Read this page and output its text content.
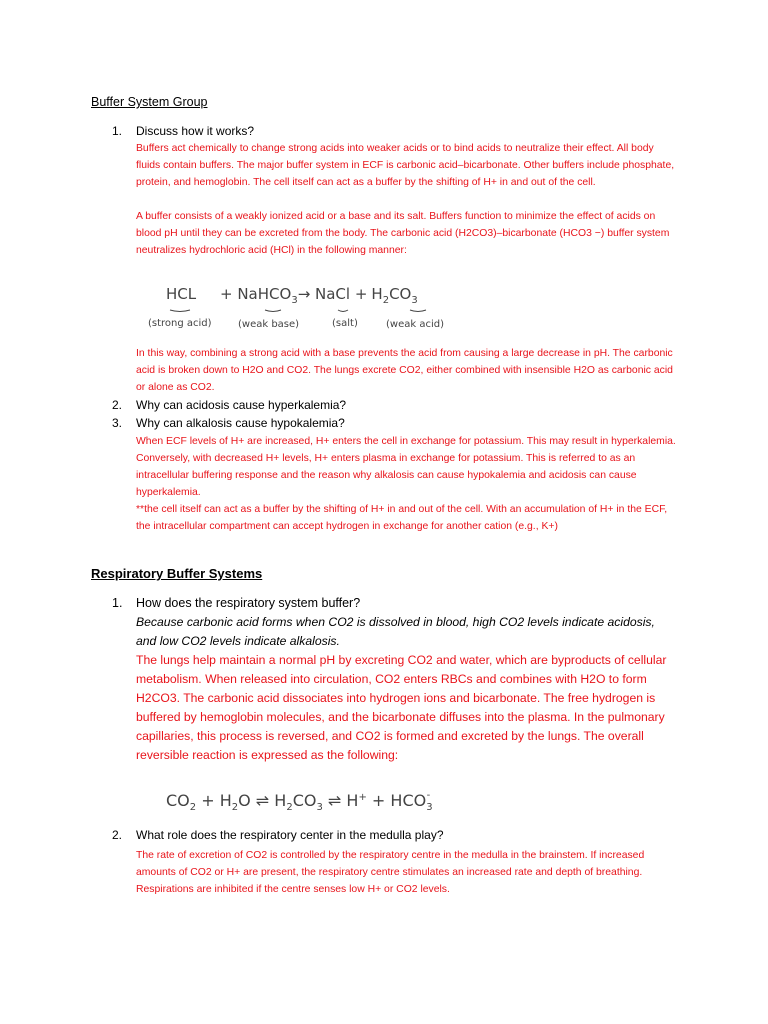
Buffer System Group
1. Discuss how it works?

Buffers act chemically to change strong acids into weaker acids or to bind acids to neutralize their effect. All body fluids contain buffers. The major buffer system in ECF is carbonic acid–bicarbonate. Other buffers include phosphate, protein, and hemoglobin. The cell itself can act as a buffer by the shifting of H+ in and out of the cell.

A buffer consists of a weakly ionized acid or a base and its salt. Buffers function to minimize the effect of acids on blood pH until they can be excreted from the body. The carbonic acid (H2CO3)–bicarbonate (HCO3 −) buffer system neutralizes hydrochloric acid (HCl) in the following manner:

HCL + NaHCO$_3$→ NaCl + $H_2CO_3$
(strong acid)	(weak base)	(salt)	(weak acid)

In this way, combining a strong acid with a base prevents the acid from causing a large decrease in pH. The carbonic acid is broken down to H2O and CO2. The lungs excrete CO2, either combined with insensible H2O as carbonic acid or alone as CO2.

2. Why can acidosis cause hyperkalemia?
3. Why can alkalosis cause hypokalemia?
When ECF levels of H+ are increased, H+ enters the cell in exchange for potassium. This may result in hyperkalemia. Conversely, with decreased H+ levels, H+ enters plasma in exchange for potassium. This is referred to as an intracellular buffering response and the reason why alkalosis can cause hypokalemia and acidosis can cause hyperkalemia.
**the cell itself can act as a buffer by the shifting of H+ in and out of the cell. With an accumulation of H+ in the ECF, the intracellular compartment can accept hydrogen in exchange for another cation (e.g., K+)
Respiratory Buffer Systems
1. How does the respiratory system buffer?
Because carbonic acid forms when CO2 is dissolved in blood, high CO2 levels indicate acidosis, and low CO2 levels indicate alkalosis.
The lungs help maintain a normal pH by excreting CO2 and water, which are byproducts of cellular metabolism. When released into circulation, CO2 enters RBCs and combines with H2O to form H2CO3. The carbonic acid dissociates into hydrogen ions and bicarbonate. The free hydrogen is buffered by hemoglobin molecules, and the bicarbonate diffuses into the plasma. In the pulmonary capillaries, this process is reversed, and CO2 is formed and excreted by the lungs. The overall reversible reaction is expressed as the following:
$CO_2 + H_2O$ ⇌ $H_2CO_3$ ⇌ $H^+ + HCO_3-$
2. What role does the respiratory center in the medulla play?
The rate of excretion of CO2 is controlled by the respiratory centre in the medulla in the brainstem. If increased amounts of CO2 or H+ are present, the respiratory centre stimulates an increased rate and depth of breathing. Respirations are inhibited if the centre senses low H+ or CO2 levels.
